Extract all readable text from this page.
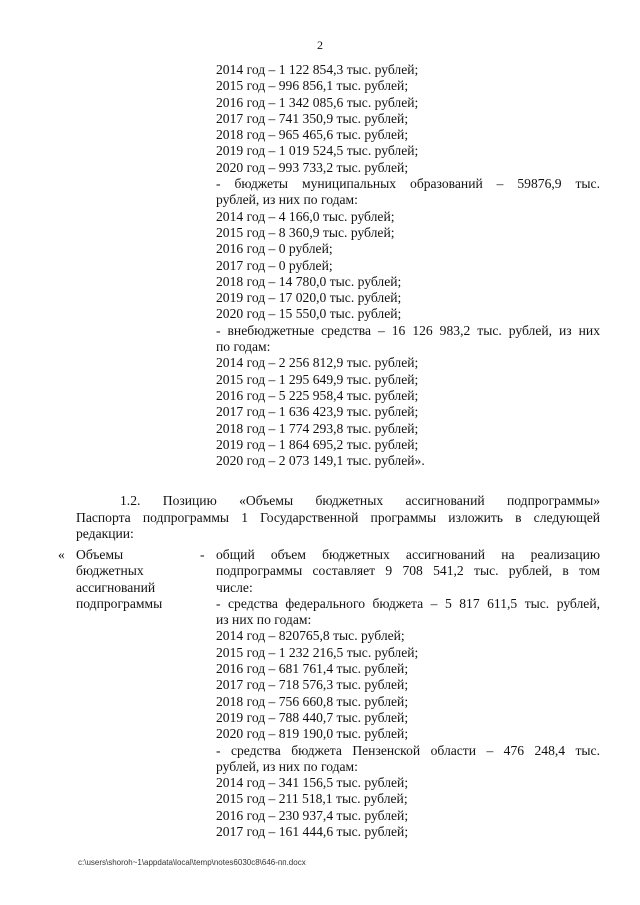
2
2014 год – 1 122 854,3 тыс. рублей;
2015 год – 996 856,1 тыс. рублей;
2016 год – 1 342 085,6 тыс. рублей;
2017 год – 741 350,9 тыс. рублей;
2018 год – 965 465,6 тыс. рублей;
2019 год – 1 019 524,5 тыс. рублей;
2020 год – 993 733,2 тыс. рублей;
- бюджеты муниципальных образований – 59876,9 тыс.
рублей, из них по годам:
2014 год – 4 166,0 тыс. рублей;
2015 год – 8 360,9 тыс. рублей;
2016 год – 0 рублей;
2017 год – 0 рублей;
2018 год – 14 780,0 тыс. рублей;
2019 год – 17 020,0 тыс. рублей;
2020 год – 15 550,0 тыс. рублей;
- внебюджетные средства – 16 126 983,2 тыс. рублей, из них
по годам:
2014 год – 2 256 812,9 тыс. рублей;
2015 год – 1 295 649,9 тыс. рублей;
2016 год – 5 225 958,4 тыс. рублей;
2017 год – 1 636 423,9 тыс. рублей;
2018 год – 1 774 293,8 тыс. рублей;
2019 год – 1 864 695,2 тыс. рублей;
2020 год – 2 073 149,1 тыс. рублей».
1.2. Позицию «Объемы бюджетных ассигнований подпрограммы»
Паспорта подпрограммы 1 Государственной программы изложить в следующей
редакции:
« Объемы
бюджетных
ассигнований
подпрограммы
- общий объем бюджетных ассигнований на реализацию
подпрограммы составляет 9 708 541,2 тыс. рублей, в том
числе:
- средства федерального бюджета – 5 817 611,5 тыс. рублей,
из них по годам:
2014 год – 820765,8 тыс. рублей;
2015 год – 1 232 216,5 тыс. рублей;
2016 год – 681 761,4 тыс. рублей;
2017 год – 718 576,3 тыс. рублей;
2018 год – 756 660,8 тыс. рублей;
2019 год – 788 440,7 тыс. рублей;
2020 год – 819 190,0 тыс. рублей;
- средства бюджета Пензенской области – 476 248,4 тыс.
рублей, из них по годам:
2014 год – 341 156,5 тыс. рублей;
2015 год – 211 518,1 тыс. рублей;
2016 год – 230 937,4 тыс. рублей;
2017 год – 161 444,6 тыс. рублей;
c:\users\shoroh~1\appdata\local\temp\notes6030c8\646-пп.docx
